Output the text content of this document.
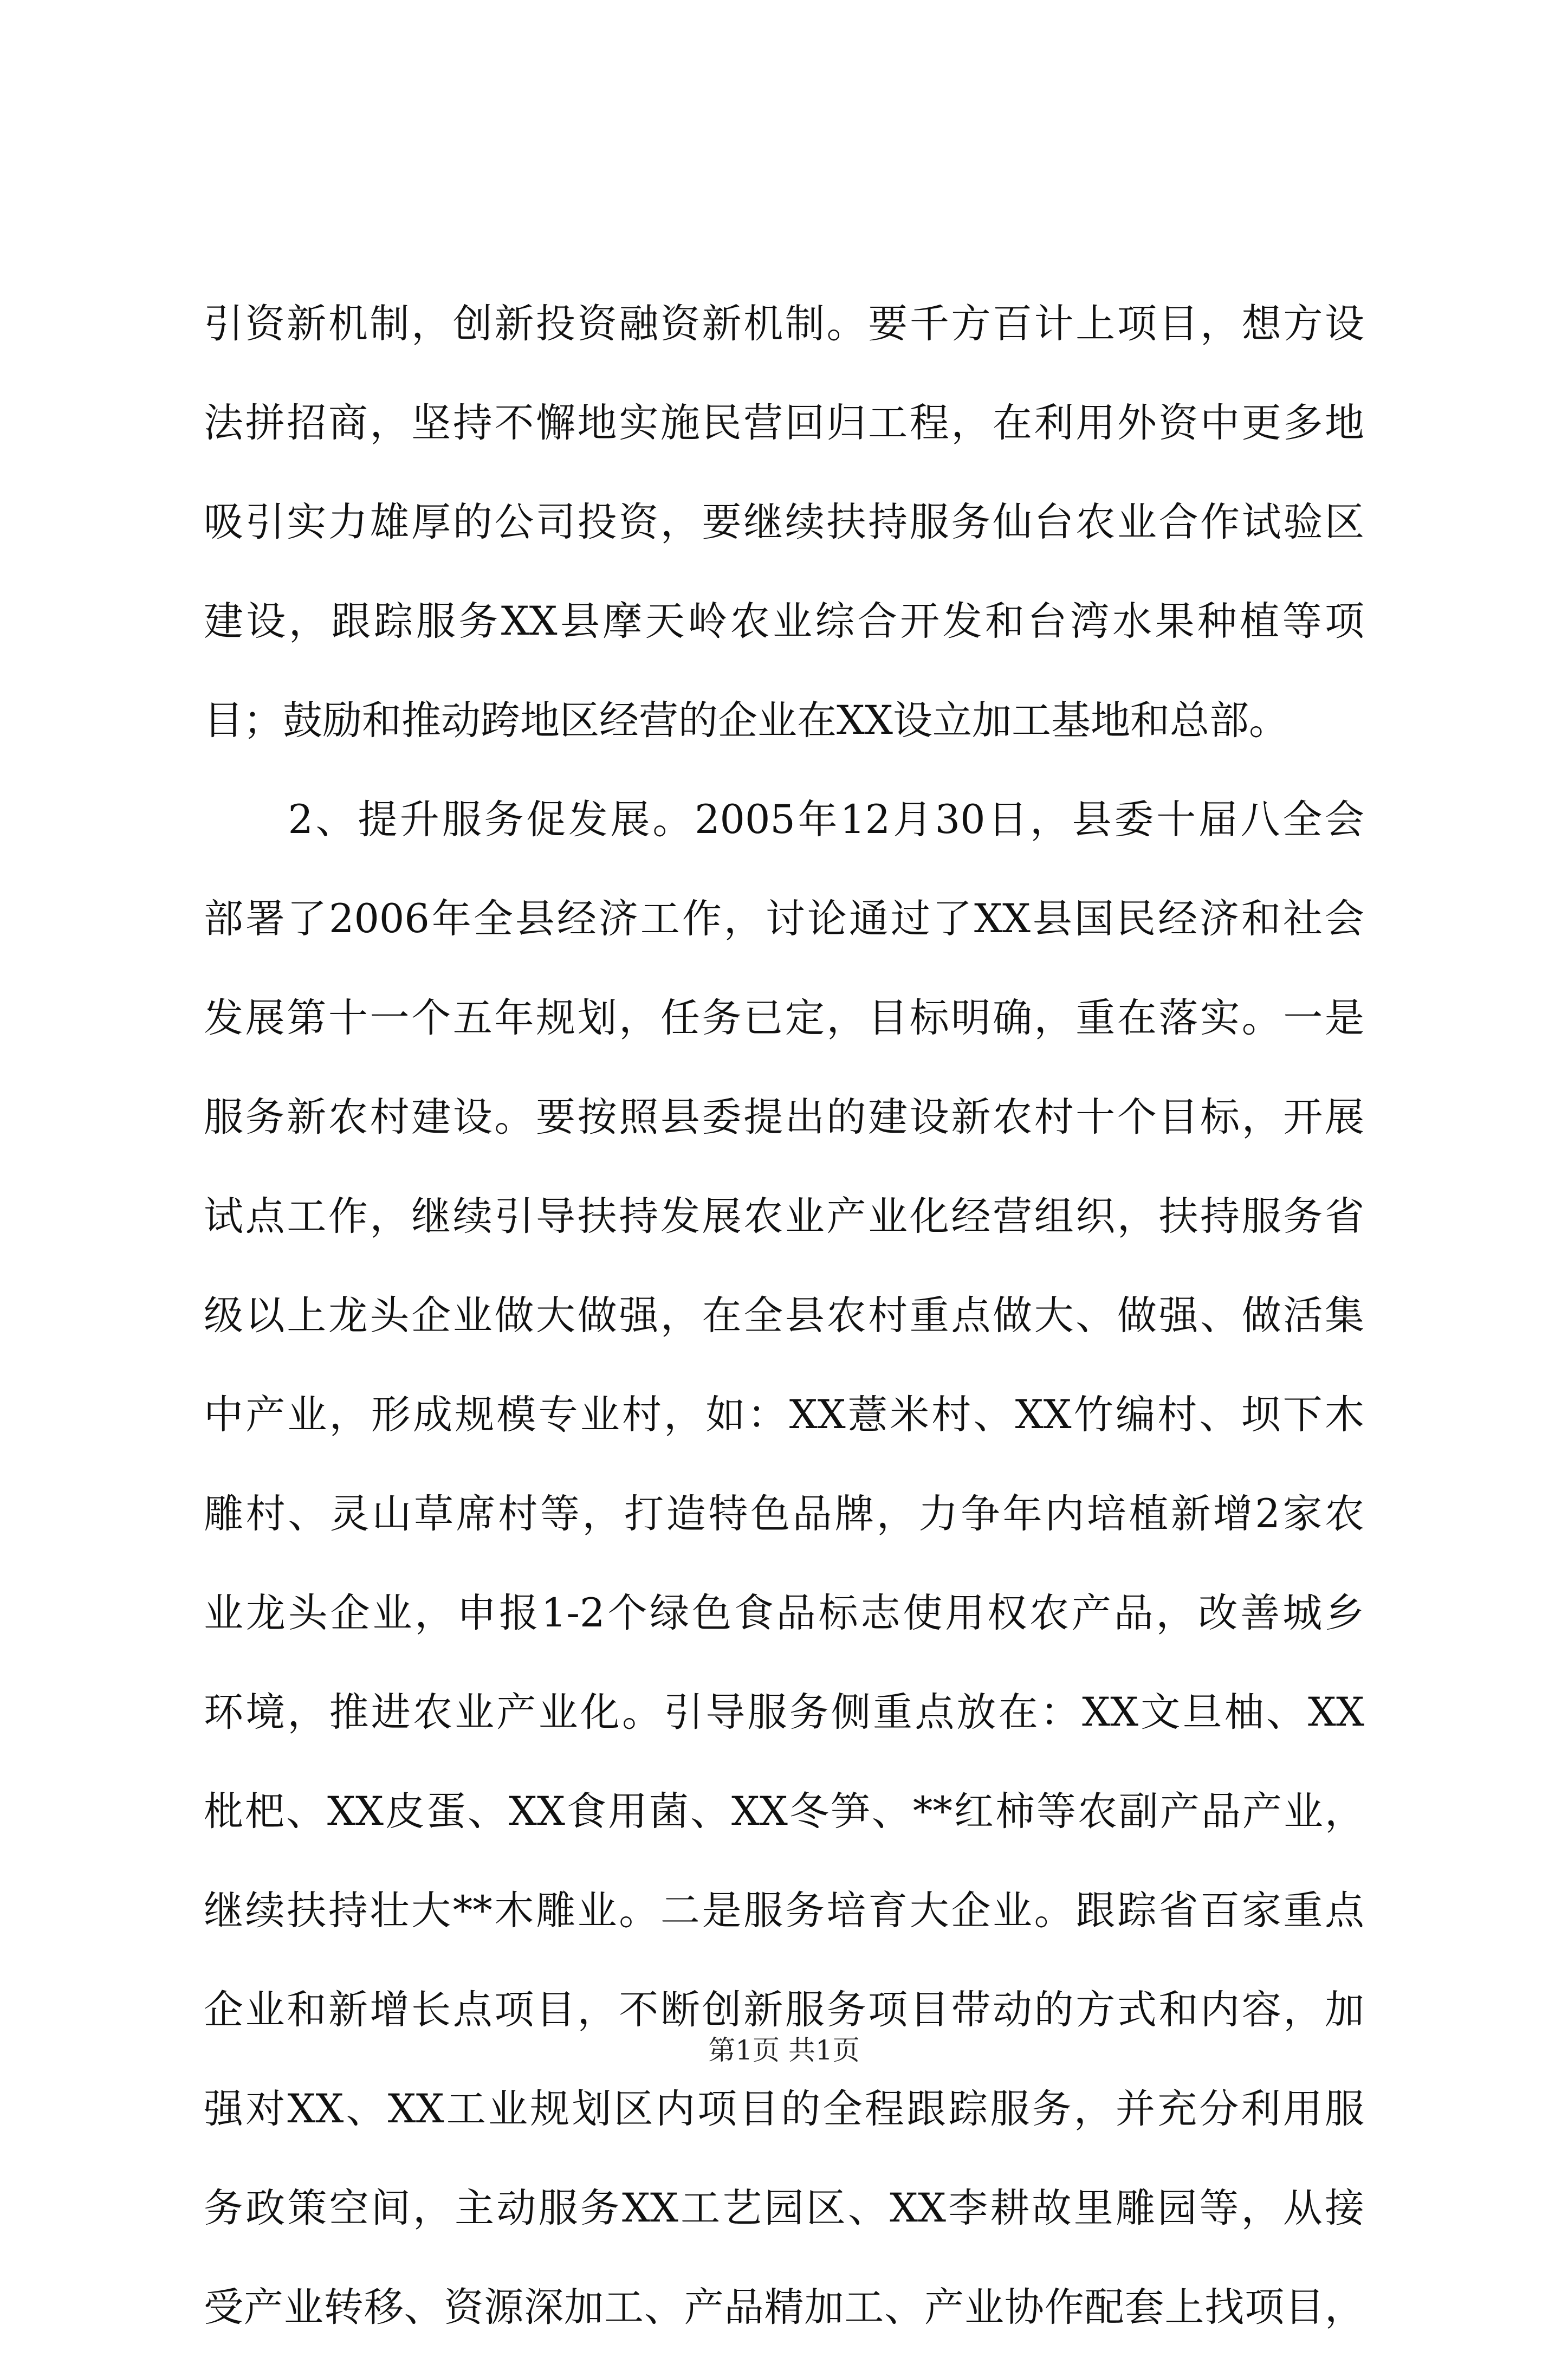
引资新机制，创新投资融资新机制。要千方百计上项目，想方设
法拼招商，坚持不懈地实施民营回归工程，在利用外资中更多地
吸引实力雄厚的公司投资，要继续扶持服务仙台农业合作试验区
建设，跟踪服务XX县摩天岭农业综合开发和台湾水果种植等项
目；鼓励和推动跨地区经营的企业在XX设立加工基地和总部。
　　2、提升服务促发展。2005年12月30日，县委十届八全会
部署了2006年全县经济工作，讨论通过了XX县国民经济和社会
发展第十一个五年规划，任务已定，目标明确，重在落实。一是
服务新农村建设。要按照县委提出的建设新农村十个目标，开展
试点工作，继续引导扶持发展农业产业化经营组织，扶持服务省
级以上龙头企业做大做强，在全县农村重点做大、做强、做活集
中产业，形成规模专业村，如：XX薏米村、XX竹编村、坝下木
雕村、灵山草席村等，打造特色品牌，力争年内培植新增2家农
业龙头企业，申报1-2个绿色食品标志使用权农产品，改善城乡
环境，推进农业产业化。引导服务侧重点放在：XX文旦柚、XX
枇杷、XX皮蛋、XX食用菌、XX冬笋、**红柿等农副产品产业，
继续扶持壮大**木雕业。二是服务培育大企业。跟踪省百家重点
企业和新增长点项目，不断创新服务项目带动的方式和内容，加
强对XX、XX工业规划区内项目的全程跟踪服务，并充分利用服
务政策空间，主动服务XX工艺园区、XX李耕故里雕园等，从接
受产业转移、资源深加工、产品精加工、产业协作配套上找项目，
第1页 共1页
